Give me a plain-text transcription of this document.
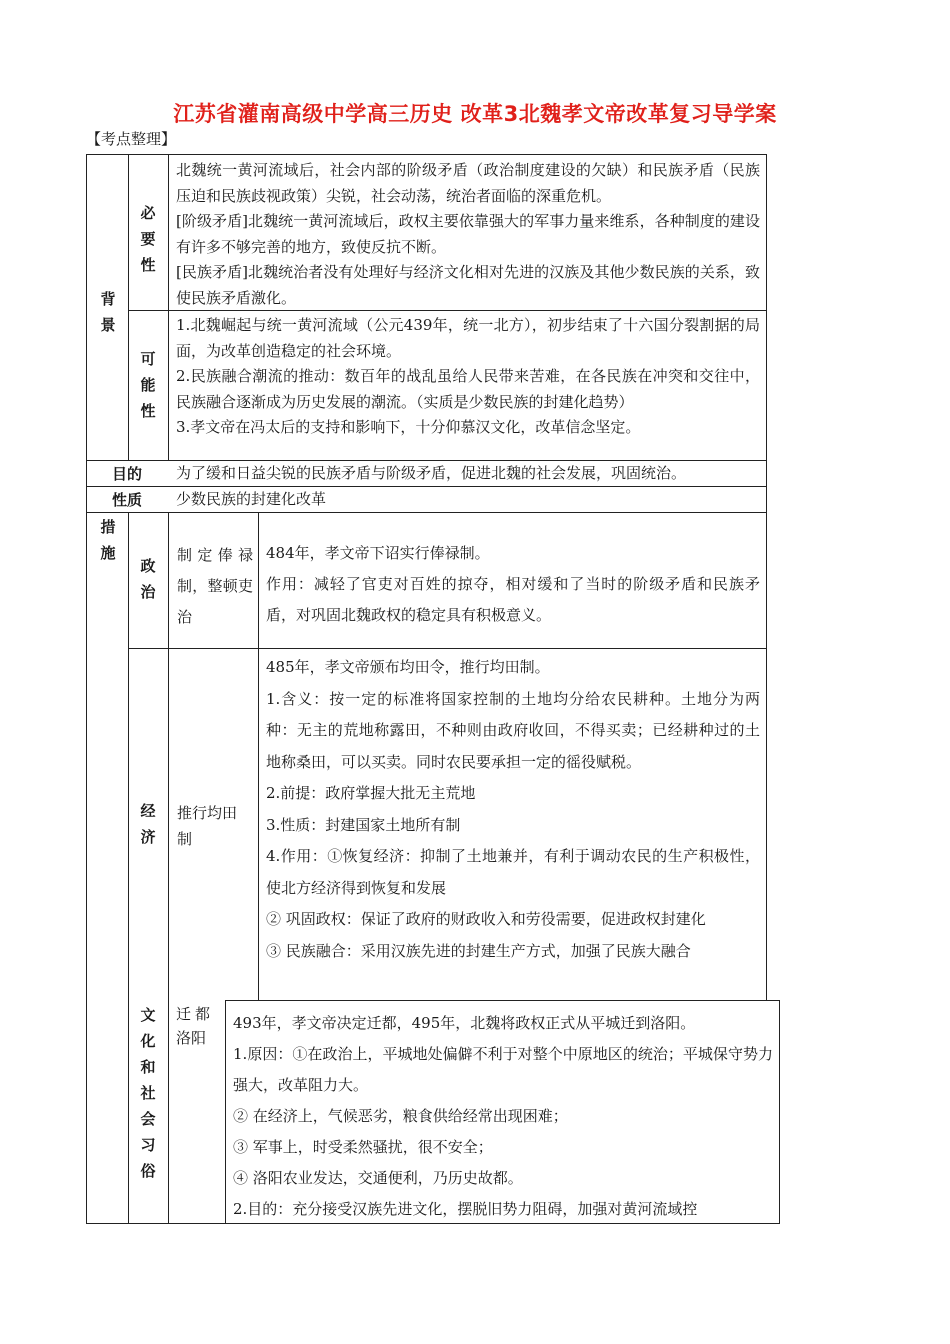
江苏省灌南高级中学高三历史 改革3北魏孝文帝改革复习导学案
【考点整理】
背景
必要性

北魏统一黄河流域后，社会内部的阶级矛盾（政治制度建设的欠缺）和民族矛盾（民族压迫和民族歧视政策）尖锐，社会动荡，统治者面临的深重危机。

[阶级矛盾]北魏统一黄河流域后，政权主要依靠强大的军事力量来维系，各种制度的建设有许多不够完善的地方，致使反抗不断。

[民族矛盾]北魏统治者没有处理好与经济文化相对先进的汉族及其他少数民族的关系，致使民族矛盾激化。

可能性

1.北魏崛起与统一黄河流域（公元439年，统一北方），初步结束了十六国分裂割据的局面，为改革创造稳定的社会环境。

2.民族融合潮流的推动：数百年的战乱虽给人民带来苦难，在各民族在冲突和交往中，民族融合逐渐成为历史发展的潮流。（实质是少数民族的封建化趋势）

3.孝文帝在冯太后的支持和影响下，十分仰慕汉文化，改革信念坚定。

目的	为了缓和日益尖锐的民族矛盾与阶级矛盾，促进北魏的社会发展，巩固统治。
性质	少数民族的封建化改革
措施
政治
制定俸禄制，整顿吏治

484年，孝文帝下诏实行俸禄制。

作用：减轻了官吏对百姓的掠夺，相对缓和了当时的阶级矛盾和民族矛盾，对巩固北魏政权的稳定具有积极意义。

经济
推行均田制

485年，孝文帝颁布均田令，推行均田制。

1.含义：按一定的标准将国家控制的土地均分给农民耕种。土地分为两种：无主的荒地称露田，不种则由政府收回，不得买卖；已经耕种过的土地称桑田，可以买卖。同时农民要承担一定的徭役赋税。

2.前提：政府掌握大批无主荒地

3.性质：封建国家土地所有制

4.作用：①恢复经济：抑制了土地兼并，有利于调动农民的生产积极性，使北方经济得到恢复和发展

② 巩固政权：保证了政府的财政收入和劳役需要，促进政权封建化

③ 民族融合：采用汉族先进的封建生产方式，加强了民族大融合

文化和社会习俗
迁都洛阳

493年，孝文帝决定迁都，495年，北魏将政权正式从平城迁到洛阳。

1.原因：①在政治上，平城地处偏僻不利于对整个中原地区的统治；平城保守势力强大，改革阻力大。

② 在经济上，气候恶劣，粮食供给经常出现困难；

③ 军事上，时受柔然骚扰，很不安全；

④ 洛阳农业发达，交通便利，乃历史故都。

2.目的：充分接受汉族先进文化，摆脱旧势力阻碍，加强对黄河流域控
